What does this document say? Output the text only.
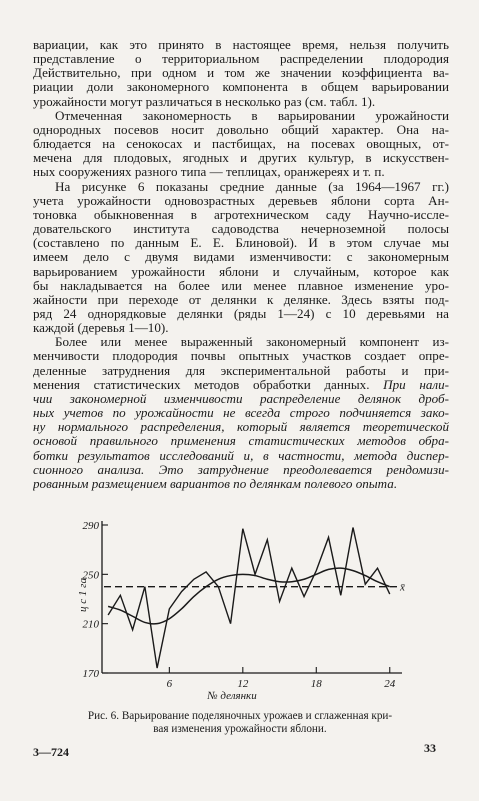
вариации, как это принято в настоящее время, нельзя получить
представление о территориальном распределении плодородия
Действительно, при одном и том же значении коэффициента ва-
риации доли закономерного компонента в общем варьировании
урожайности могут различаться в несколько раз (см. табл. 1).
Отмеченная закономерность в варьировании урожайности
однородных посевов носит довольно общий характер. Она на-
блюдается на сенокосах и пастбищах, на посевах овощных, от-
мечена для плодовых, ягодных и других культур, в искусствен-
ных сооружениях разного типа — теплицах, оранжереях и т. п.
На рисунке 6 показаны средние данные (за 1964—1967 гг.)
учета урожайности одновозрастных деревьев яблони сорта Ан-
тоновка обыкновенная в агротехническом саду Научно-иссле-
довательского института садоводства нечерноземной полосы
(составлено по данным Е. Е. Блиновой). И в этом случае мы
имеем дело с двумя видами изменчивости: с закономерным
варьированием урожайности яблони и случайным, которое как
бы накладывается на более или менее плавное изменение уро-
жайности при переходе от делянки к делянке. Здесь взяты под-
ряд 24 однорядковые делянки (ряды 1—24) с 10 деревьями на
каждой (деревья 1—10).
Более или менее выраженный закономерный компонент из-
менчивости плодородия почвы опытных участков создает опре-
деленные затруднения для экспериментальной работы и при-
менения статистических методов обработки данных. При нали-
чии закономерной изменчивости распределение делянок дроб-
ных учетов по урожайности не всегда строго подчиняется зако-
ну нормального распределения, который является теоретической
основой правильного применения статистических методов обра-
ботки результатов исследований и, в частности, метода диспер-
сионного анализа. Это затруднение преодолевается рендомизи-
рованным размещением вариантов по делянкам полевого опыта.
170
210
250
290
6	12	18	24
ц с 1 га
№ делянки
x̄
Рис. 6. Варьирование поделяночных урожаев и сглаженная кри-
вая изменения урожайности яблони.
3—724	33
